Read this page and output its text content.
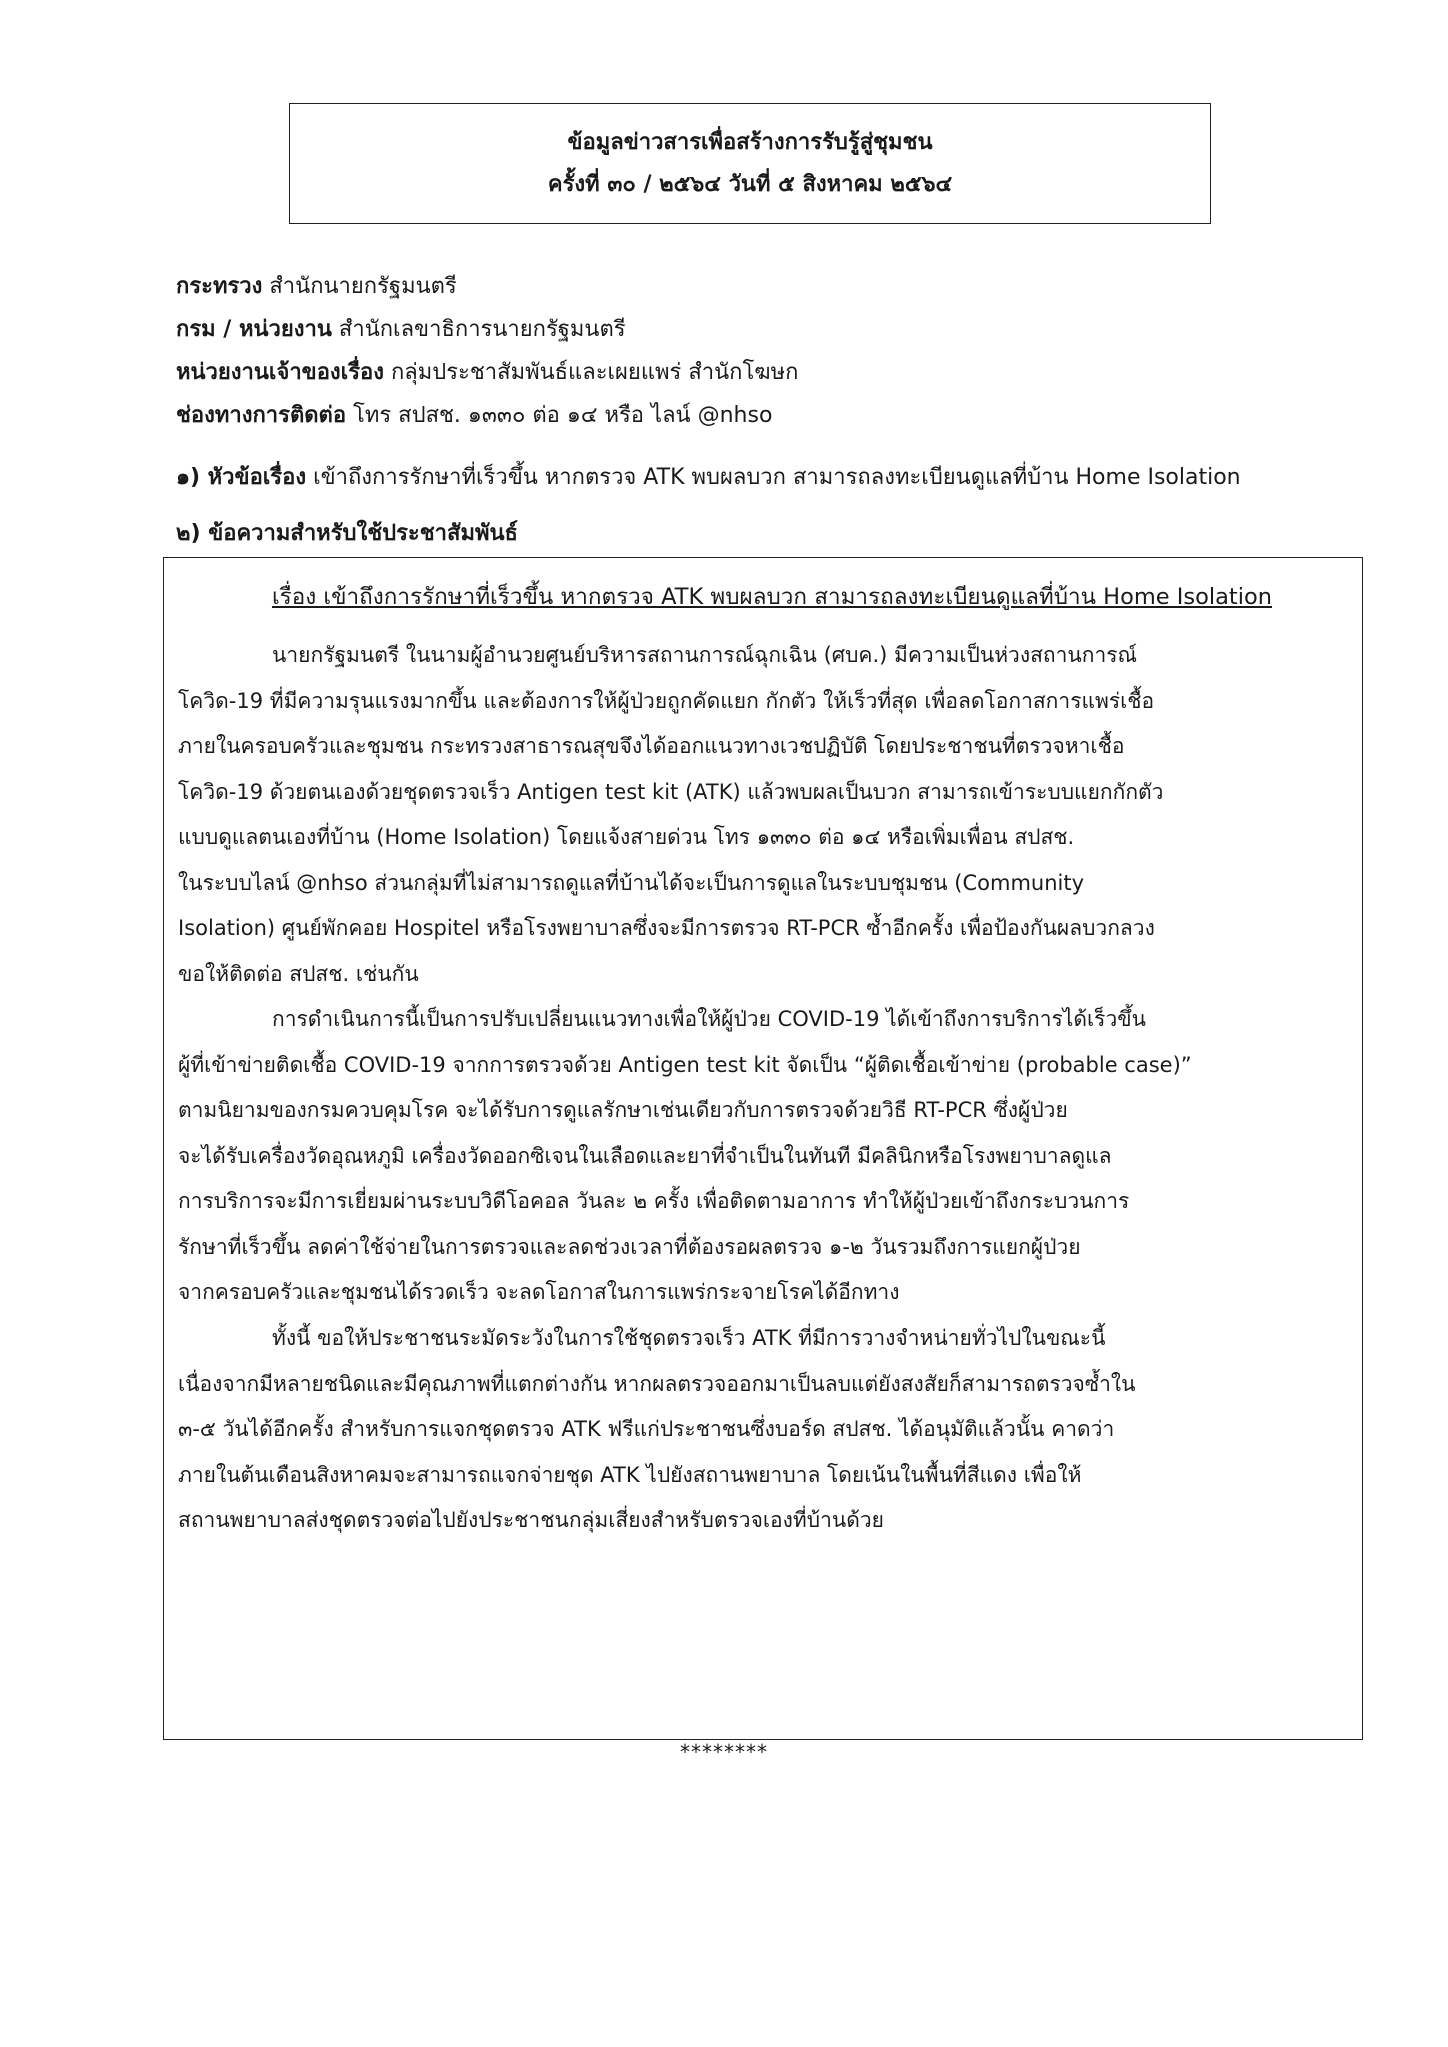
ข้อมูลข่าวสารเพื่อสร้างการรับรู้สู่ชุมชน
ครั้งที่ ๓๐ / ๒๕๖๔ วันที่ ๕ สิงหาคม ๒๕๖๔
กระทรวง สำนักนายกรัฐมนตรี
กรม / หน่วยงาน สำนักเลขาธิการนายกรัฐมนตรี
หน่วยงานเจ้าของเรื่อง กลุ่มประชาสัมพันธ์และเผยแพร่ สำนักโฆษก
ช่องทางการติดต่อ โทร สปสช. ๑๓๓๐ ต่อ ๑๔ หรือ ไลน์ @nhso
๑) หัวข้อเรื่อง เข้าถึงการรักษาที่เร็วขึ้น หากตรวจ ATK พบผลบวก สามารถลงทะเบียนดูแลที่บ้าน Home Isolation
๒) ข้อความสำหรับใช้ประชาสัมพันธ์
เรื่อง เข้าถึงการรักษาที่เร็วขึ้น หากตรวจ ATK พบผลบวก สามารถลงทะเบียนดูแลที่บ้าน Home Isolation
นายกรัฐมนตรี ในนามผู้อำนวยศูนย์บริหารสถานการณ์ฉุกเฉิน (ศบค.) มีความเป็นห่วงสถานการณ์
โควิด-19 ที่มีความรุนแรงมากขึ้น และต้องการให้ผู้ป่วยถูกคัดแยก กักตัว ให้เร็วที่สุด เพื่อลดโอกาสการแพร่เชื้อ
ภายในครอบครัวและชุมชน กระทรวงสาธารณสุขจึงได้ออกแนวทางเวชปฏิบัติ โดยประชาชนที่ตรวจหาเชื้อ
โควิด-19 ด้วยตนเองด้วยชุดตรวจเร็ว Antigen test kit (ATK) แล้วพบผลเป็นบวก สามารถเข้าระบบแยกกักตัว
แบบดูแลตนเองที่บ้าน (Home Isolation) โดยแจ้งสายด่วน โทร ๑๓๓๐ ต่อ ๑๔ หรือเพิ่มเพื่อน สปสช.
ในระบบไลน์ @nhso ส่วนกลุ่มที่ไม่สามารถดูแลที่บ้านได้จะเป็นการดูแลในระบบชุมชน (Community
Isolation) ศูนย์พักคอย Hospitel หรือโรงพยาบาลซึ่งจะมีการตรวจ RT-PCR ซ้ำอีกครั้ง เพื่อป้องกันผลบวกลวง
ขอให้ติดต่อ สปสช. เช่นกัน
การดำเนินการนี้เป็นการปรับเปลี่ยนแนวทางเพื่อให้ผู้ป่วย COVID-19 ได้เข้าถึงการบริการได้เร็วขึ้น
ผู้ที่เข้าข่ายติดเชื้อ COVID-19 จากการตรวจด้วย Antigen test kit จัดเป็น “ผู้ติดเชื้อเข้าข่าย (probable case)”
ตามนิยามของกรมควบคุมโรค จะได้รับการดูแลรักษาเช่นเดียวกับการตรวจด้วยวิธี RT-PCR ซึ่งผู้ป่วย
จะได้รับเครื่องวัดอุณหภูมิ เครื่องวัดออกซิเจนในเลือดและยาที่จำเป็นในทันที มีคลินิกหรือโรงพยาบาลดูแล
การบริการจะมีการเยี่ยมผ่านระบบวิดีโอคอล วันละ ๒ ครั้ง เพื่อติดตามอาการ ทำให้ผู้ป่วยเข้าถึงกระบวนการ
รักษาที่เร็วขึ้น ลดค่าใช้จ่ายในการตรวจและลดช่วงเวลาที่ต้องรอผลตรวจ ๑-๒ วันรวมถึงการแยกผู้ป่วย
จากครอบครัวและชุมชนได้รวดเร็ว จะลดโอกาสในการแพร่กระจายโรคได้อีกทาง
ทั้งนี้ ขอให้ประชาชนระมัดระวังในการใช้ชุดตรวจเร็ว ATK ที่มีการวางจำหน่ายทั่วไปในขณะนี้
เนื่องจากมีหลายชนิดและมีคุณภาพที่แตกต่างกัน หากผลตรวจออกมาเป็นลบแต่ยังสงสัยก็สามารถตรวจซ้ำใน
๓-๕ วันได้อีกครั้ง สำหรับการแจกชุดตรวจ ATK ฟรีแก่ประชาชนซึ่งบอร์ด สปสช. ได้อนุมัติแล้วนั้น คาดว่า
ภายในต้นเดือนสิงหาคมจะสามารถแจกจ่ายชุด ATK ไปยังสถานพยาบาล โดยเน้นในพื้นที่สีแดง เพื่อให้
สถานพยาบาลส่งชุดตรวจต่อไปยังประชาชนกลุ่มเสี่ยงสำหรับตรวจเองที่บ้านด้วย
********
